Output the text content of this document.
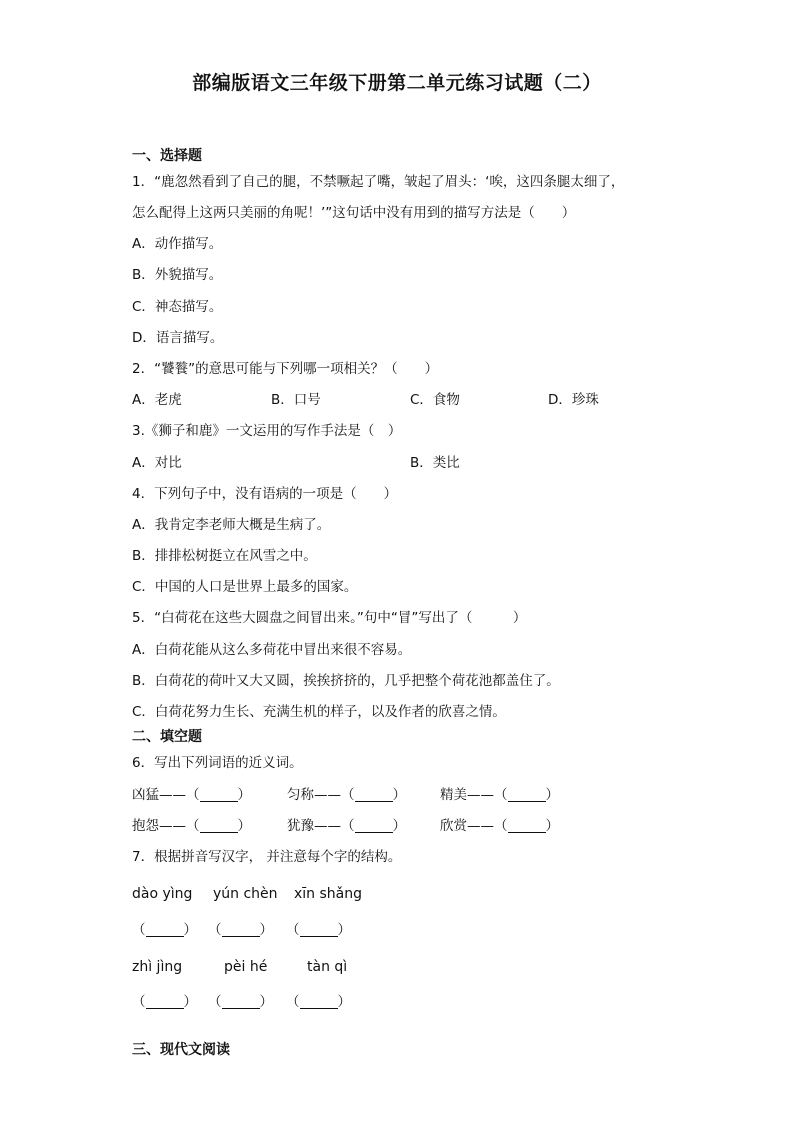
部编版语文三年级下册第二单元练习试题（二）
一、选择题
1．“鹿忽然看到了自己的腿，不禁噘起了嘴，皱起了眉头：‘唉，这四条腿太细了，
怎么配得上这两只美丽的角呢！’”这句话中没有用到的描写方法是（　　）
A．动作描写。
B．外貌描写。
C．神态描写。
D．语言描写。
2．“饕餮”的意思可能与下列哪一项相关？（　　）
A．老虎	B．口号	C．食物	D．珍珠
3.《狮子和鹿》一文运用的写作手法是（　）
A．对比	B．类比
4．下列句子中，没有语病的一项是（　　）
A．我肯定李老师大概是生病了。
B．排排松树挺立在风雪之中。
C．中国的人口是世界上最多的国家。
5．“白荷花在这些大圆盘之间冒出来。”句中“冒”写出了（　　　）
A．白荷花能从这么多荷花中冒出来很不容易。
B．白荷花的荷叶又大又圆，挨挨挤挤的，几乎把整个荷花池都盖住了。
C．白荷花努力生长、充满生机的样子，以及作者的欣喜之情。
二、填空题
6．写出下列词语的近义词。
凶猛——（	）	匀称——（	）	精美——（	）
抱怨——（	）	犹豫——（	）	欣赏——（	）
7．根据拼音写汉字， 并注意每个字的结构。
dào yìng yún chèn xīn shǎng
（	） （	） （	）
zhì jìng	pèi hé	tàn qì
（	） （	） （	）
三、现代文阅读
